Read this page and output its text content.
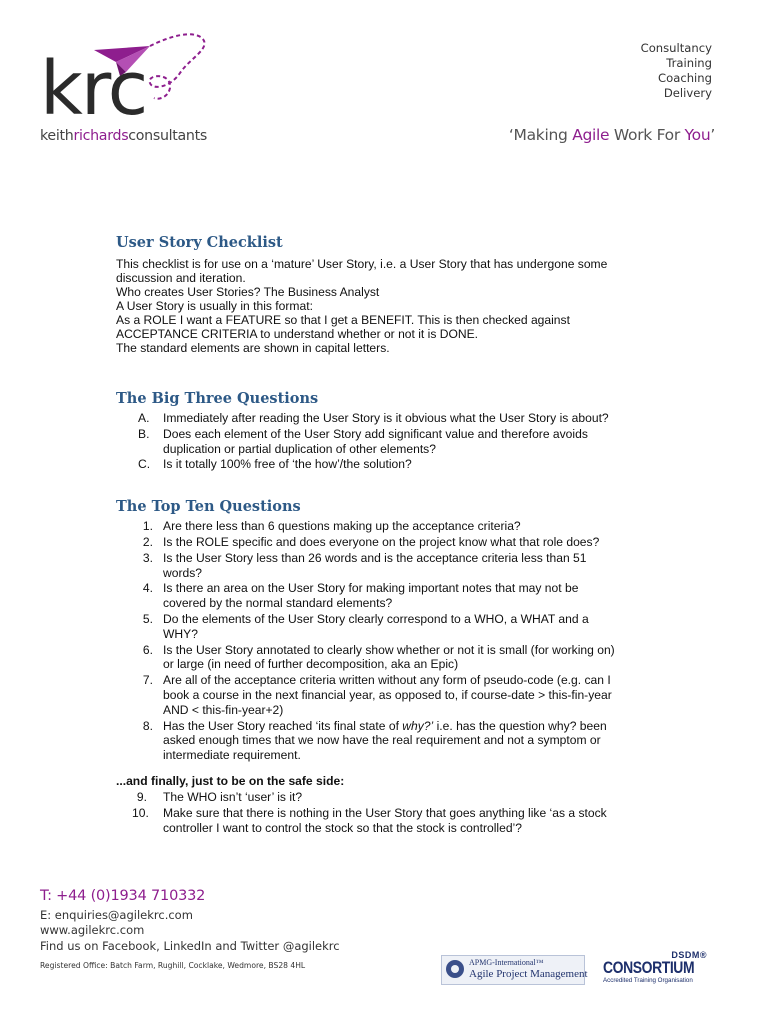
krc
keithrichardsconsultants
Consultancy
Training
Coaching
Delivery
‘Making Agile Work For You’
User Story Checklist

This checklist is for use on a ‘mature’ User Story, i.e. a User Story that has undergone some discussion and iteration.

Who creates User Stories? The Business Analyst

A User Story is usually in this format:

As a ROLE I want a FEATURE so that I get a BENEFIT. This is then checked against ACCEPTANCE CRITERIA to understand whether or not it is DONE.

The standard elements are shown in capital letters.

The Big Three Questions
A.	Immediately after reading the User Story is it obvious what the User Story is about?
B.	Does each element of the User Story add significant value and therefore avoids duplication or partial duplication of other elements?
C.	Is it totally 100% free of ‘the how’/the solution?
The Top Ten Questions
1. Are there less than 6 questions making up the acceptance criteria?
2. Is the ROLE specific and does everyone on the project know what that role does?
3. Is the User Story less than 26 words and is the acceptance criteria less than 51 words?
4. Is there an area on the User Story for making important notes that may not be covered by the normal standard elements?
5. Do the elements of the User Story clearly correspond to a WHO, a WHAT and a WHY?
6. Is the User Story annotated to clearly show whether or not it is small (for working on) or large (in need of further decomposition, aka an Epic)
7. Are all of the acceptance criteria written without any form of pseudo-code (e.g. can I book a course in the next financial year, as opposed to, if course-date > this-fin-year AND < this-fin-year+2)
8. Has the User Story reached ‘its final state of why?’ i.e. has the question why? been asked enough times that we now have the real requirement and not a symptom or intermediate requirement.
...and finally, just to be on the safe side:
9. The WHO isn’t ‘user’ is it?
10. Make sure that there is nothing in the User Story that goes anything like ‘as a stock controller I want to control the stock so that the stock is controlled’?
T: +44 (0)1934 710332
E: enquiries@agilekrc.com
www.agilekrc.com
Find us on Facebook, LinkedIn and Twitter @agilekrc
Registered Office: Batch Farm, Rughill, Cocklake, Wedmore, BS28 4HL	APMG-International™
Agile Project Management
DSDM®
CONSORTIUM
Accredited Training Organisation
